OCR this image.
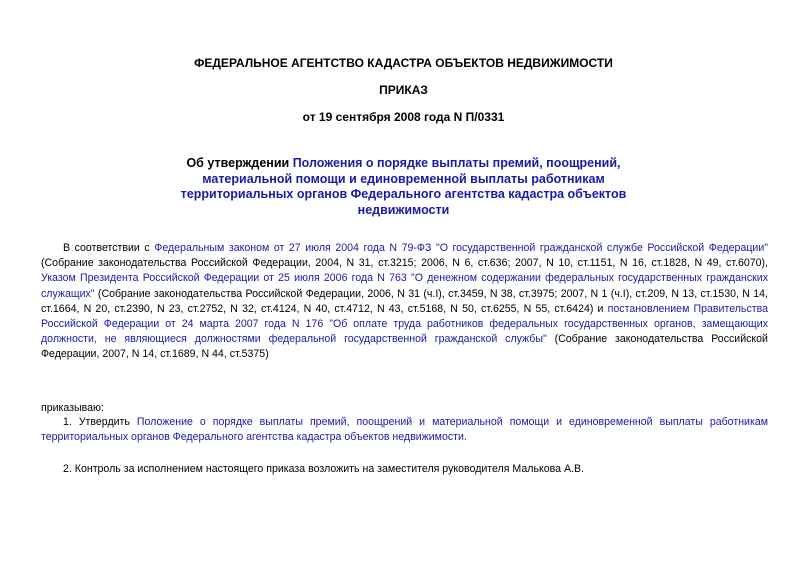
ФЕДЕРАЛЬНОЕ АГЕНТСТВО КАДАСТРА ОБЪЕКТОВ НЕДВИЖИМОСТИ
ПРИКАЗ
от 19 сентября 2008 года N П/0331
Об утверждении Положения о порядке выплаты премий, поощрений, материальной помощи и единовременной выплаты работникам территориальных органов Федерального агентства кадастра объектов недвижимости
В соответствии с Федеральным законом от 27 июля 2004 года N 79-ФЗ "О государственной гражданской службе Российской Федерации" (Собрание законодательства Российской Федерации, 2004, N 31, ст.3215; 2006, N 6, ст.636; 2007, N 10, ст.1151, N 16, ст.1828, N 49, ст.6070), Указом Президента Российской Федерации от 25 июля 2006 года N 763 "О денежном содержании федеральных государственных гражданских служащих" (Собрание законодательства Российской Федерации, 2006, N 31 (ч.I), ст.3459, N 38, ст.3975; 2007, N 1 (ч.I), ст.209, N 13, ст.1530, N 14, ст.1664, N 20, ст.2390, N 23, ст.2752, N 32, ст.4124, N 40, ст.4712, N 43, ст.5168, N 50, ст.6255, N 55, ст.6424) и постановлением Правительства Российской Федерации от 24 марта 2007 года N 176 "Об оплате труда работников федеральных государственных органов, замещающих должности, не являющиеся должностями федеральной государственной гражданской службы" (Собрание законодательства Российской Федерации, 2007, N 14, ст.1689, N 44, ст.5375)
приказываю:
1. Утвердить Положение о порядке выплаты премий, поощрений и материальной помощи и единовременной выплаты работникам территориальных органов Федерального агентства кадастра объектов недвижимости.
2. Контроль за исполнением настоящего приказа возложить на заместителя руководителя Малькова А.В.
